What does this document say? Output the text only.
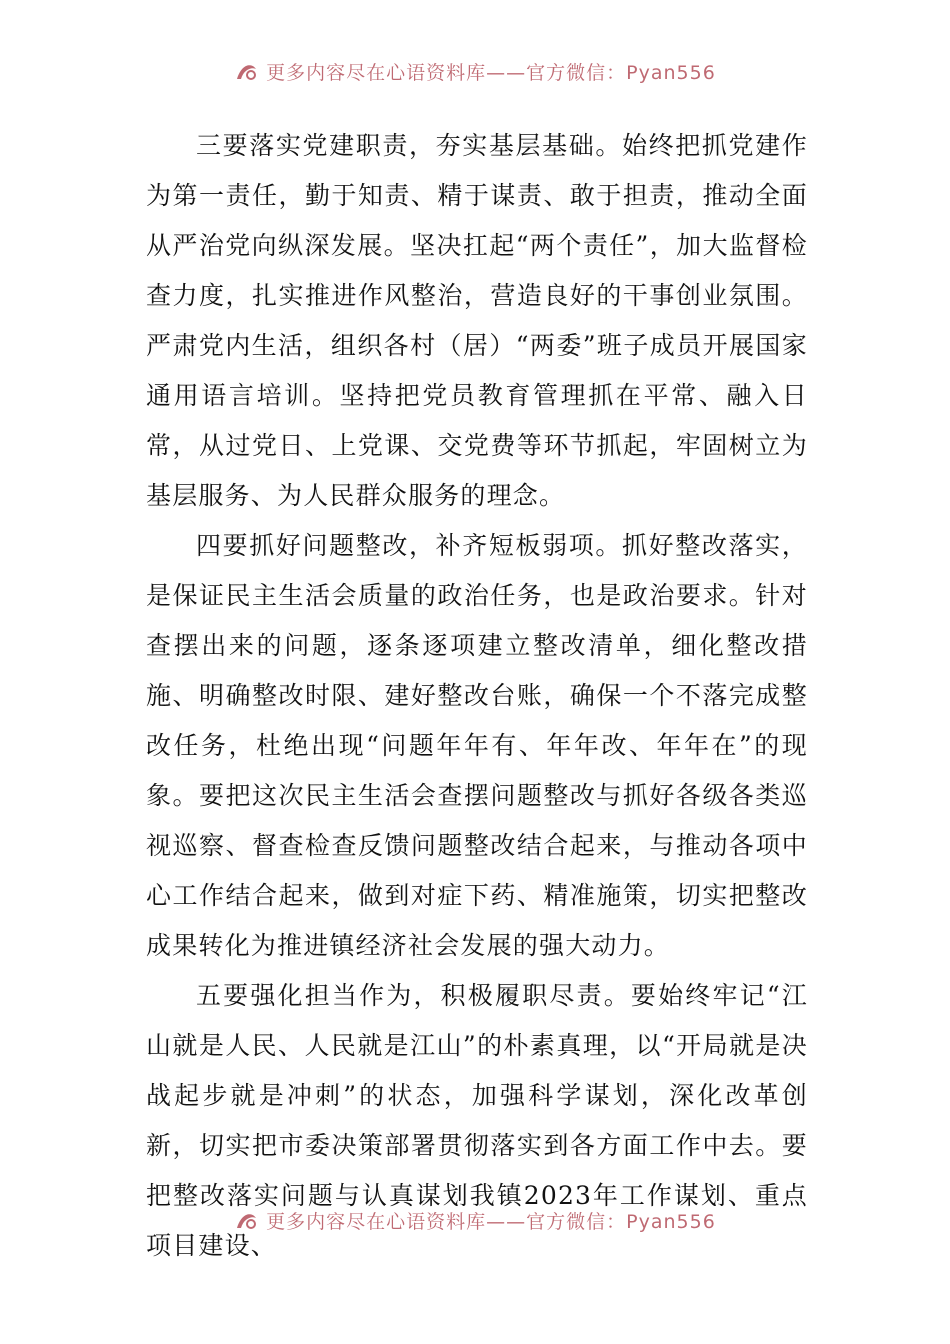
更多内容尽在心语资料库——官方微信：Pyan556

三要落实党建职责，夯实基层基础。始终把抓党建作为第一责任，勤于知责、精于谋责、敢于担责，推动全面从严治党向纵深发展。坚决扛起“两个责任”，加大监督检查力度，扎实推进作风整治，营造良好的干事创业氛围。严肃党内生活，组织各村（居）“两委”班子成员开展国家通用语言培训。坚持把党员教育管理抓在平常、融入日常，从过党日、上党课、交党费等环节抓起，牢固树立为基层服务、为人民群众服务的理念。

四要抓好问题整改，补齐短板弱项。抓好整改落实，是保证民主生活会质量的政治任务，也是政治要求。针对查摆出来的问题，逐条逐项建立整改清单，细化整改措施、明确整改时限、建好整改台账，确保一个不落完成整改任务，杜绝出现“问题年年有、年年改、年年在”的现象。要把这次民主生活会查摆问题整改与抓好各级各类巡视巡察、督查检查反馈问题整改结合起来，与推动各项中心工作结合起来，做到对症下药、精准施策，切实把整改成果转化为推进镇经济社会发展的强大动力。

五要强化担当作为，积极履职尽责。要始终牢记“江山就是人民、人民就是江山”的朴素真理，以“开局就是决战起步就是冲刺”的状态，加强科学谋划，深化改革创新，切实把市委决策部署贯彻落实到各方面工作中去。要把整改落实问题与认真谋划我镇2023年工作谋划、重点项目建设、

更多内容尽在心语资料库——官方微信：Pyan556
